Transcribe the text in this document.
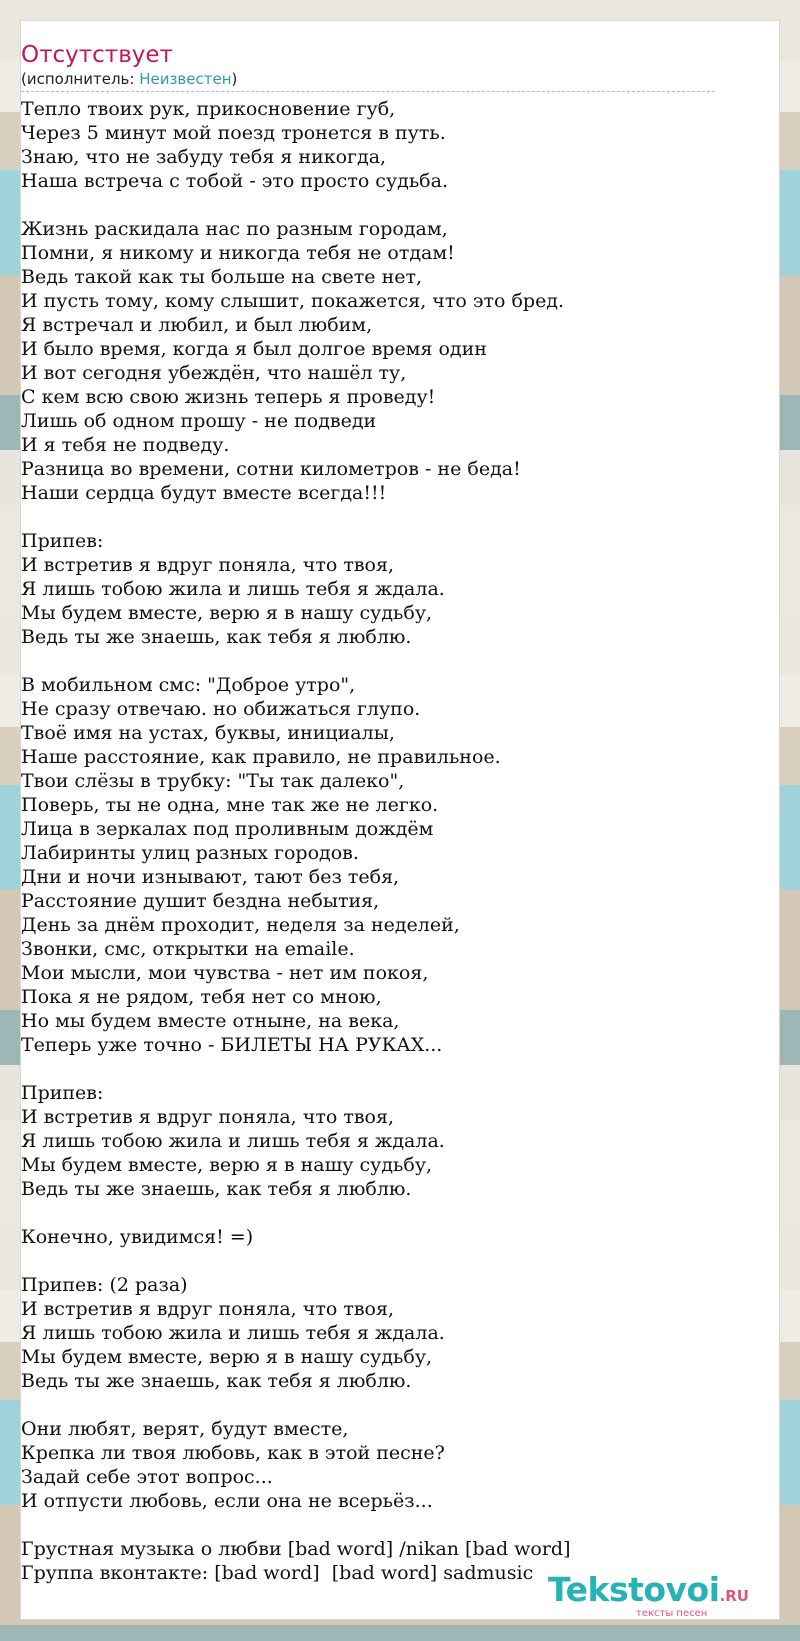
Отсутствует
(исполнитель: Неизвестен)
Тепло твоих рук, прикосновение губ,
Через 5 минут мой поезд тронется в путь.
Знаю, что не забуду тебя я никогда,
Наша встреча с тобой - это просто судьба.
Жизнь раскидала нас по разным городам,
Помни, я никому и никогда тебя не отдам!
Ведь такой как ты больше на свете нет,
И пусть тому, кому слышит, покажется, что это бред.
Я встречал и любил, и был любим,
И было время, когда я был долгое время один
И вот сегодня убеждён, что нашёл ту,
С кем всю свою жизнь теперь я проведу!
Лишь об одном прошу - не подведи
И я тебя не подведу.
Разница во времени, сотни километров - не беда!
Наши сердца будут вместе всегда!!!
Припев:
И встретив я вдруг поняла, что твоя,
Я лишь тобою жила и лишь тебя я ждала.
Мы будем вместе, верю я в нашу судьбу,
Ведь ты же знаешь, как тебя я люблю.
В мобильном смс: "Доброе утро",
Не сразу отвечаю. но обижаться глупо.
Твоё имя на устах, буквы, инициалы,
Наше расстояние, как правило, не правильное.
Твои слёзы в трубку: "Ты так далеко",
Поверь, ты не одна, мне так же не легко.
Лица в зеркалах под проливным дождём
Лабиринты улиц разных городов.
Дни и ночи изнывают, тают без тебя,
Расстояние душит бездна небытия,
День за днём проходит, неделя за неделей,
Звонки, смс, открытки на emaile.
Мои мысли, мои чувства - нет им покоя,
Пока я не рядом, тебя нет со мною,
Но мы будем вместе отныне, на века,
Теперь уже точно - БИЛЕТЫ НА РУКАХ...
Припев:
И встретив я вдруг поняла, что твоя,
Я лишь тобою жила и лишь тебя я ждала.
Мы будем вместе, верю я в нашу судьбу,
Ведь ты же знаешь, как тебя я люблю.
Конечно, увидимся! =)
Припев: (2 раза)
И встретив я вдруг поняла, что твоя,
Я лишь тобою жила и лишь тебя я ждала.
Мы будем вместе, верю я в нашу судьбу,
Ведь ты же знаешь, как тебя я люблю.
Они любят, верят, будут вместе,
Крепка ли твоя любовь, как в этой песне?
Задай себе этот вопрос...
И отпусти любовь, если она не всерьёз...
Грустная музыка о любви [bad word] /nikan [bad word]
Группа вконтакте: [bad word]  [bad word] sadmusic Tekstovoi.RU
тексты песен
